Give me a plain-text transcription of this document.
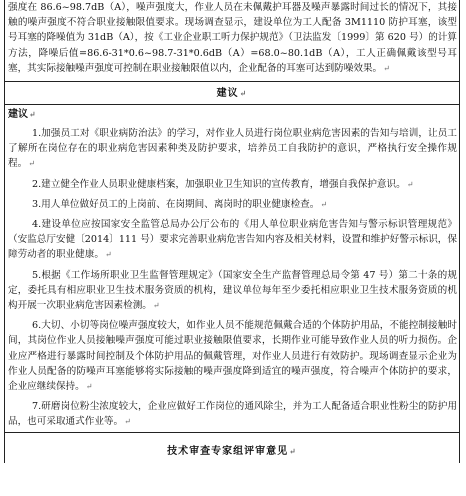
强度在 86.6~98.7dB（A），噪声强度大，作业人员在未佩戴护耳器及噪声暴露时间过长的情况下，其接触的噪声强度不符合职业接触限值要求。现场调查显示，建设单位为工人配备 3M1110 防护耳塞，该型号耳塞的降噪值为 31dB（A），按《工业企业职工听力保护规范》（卫法监发〔1999〕第 620 号）的计算方法，降噪后值=86.6-31*0.6~98.7-31*0.6dB（A）=68.0~80.1dB（A），工人正确佩戴该型号耳塞，其实际接触噪声强度可控制在职业接触限值以内，企业配备的耳塞可达到防噪效果。↵
建议↵
建议↵

1.加强员工对《职业病防治法》的学习，对作业人员进行岗位职业病危害因素的告知与培训，让员工了解所在岗位存在的职业病危害因素种类及防护要求，培养员工自我防护的意识，严格执行安全操作规程。↵

2.建立健全作业人员职业健康档案，加强职业卫生知识的宣传教育，增强自我保护意识。↵

3.用人单位做好员工的上岗前、在岗期间、离岗时的职业健康检查。↵

4.建设单位应按国家安全监管总局办公厅公布的《用人单位职业病危害告知与警示标识管理规范》（安监总厅安健〔2014〕111 号）要求完善职业病危害告知内容及相关材料，设置和维护好警示标识，保障劳动者的职业健康。↵

5.根据《工作场所职业卫生监督管理规定》（国家安全生产监督管理总局令第 47 号）第二十条的规定，委托具有相应职业卫生技术服务资质的机构，建议单位每年至少委托相应职业卫生技术服务资质的机构开展一次职业病危害因素检测。↵

6.大切、小切等岗位噪声强度较大，如作业人员不能规范佩戴合适的个体防护用品，不能控制接触时间，其岗位作业人员接触噪声强度可能过职业接触限值要求，长期作业可能导致作业人员的听力损伤。企业应严格进行暴露时间控制及个体防护用品的佩戴管理，对作业人员进行有效防护。现场调查显示企业为作业人员配备的防噪声耳塞能够将实际接触的噪声强度降到适宜的噪声强度，符合噪声个体防护的要求，企业应继续保持。↵

7.研磨岗位粉尘浓度较大，企业应做好工作岗位的通风除尘，并为工人配备适合职业性粉尘的防护用品，也可采取通式作业等。↵

技术审查专家组评审意见↵
